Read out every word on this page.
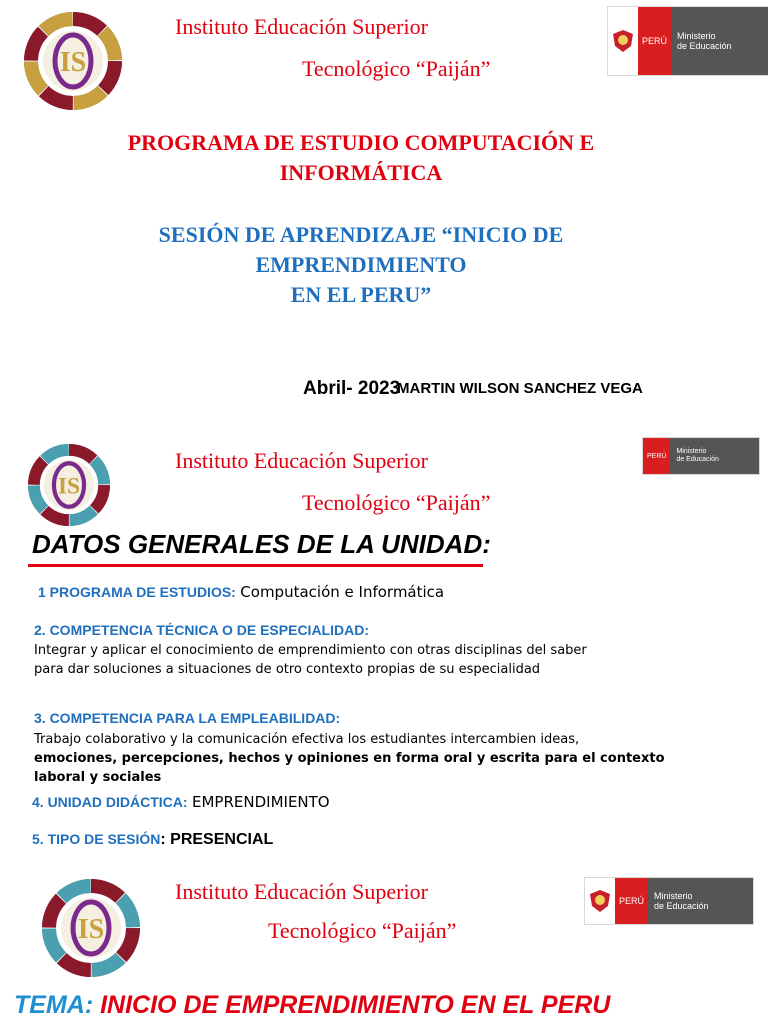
IS
Instituto Educación Superior
Tecnológico “Paiján”
PERÚ	Ministerio
de Educación
PROGRAMA DE ESTUDIO COMPUTACIÓN E
INFORMÁTICA
SESIÓN DE APRENDIZAJE “INICIO DE
EMPRENDIMIENTO
EN EL PERU”
Abril- 2023
MARTIN WILSON SANCHEZ VEGA
IS
Instituto Educación Superior
Tecnológico “Paiján”
PERÚ
Ministerio
de Educación
DATOS GENERALES DE LA UNIDAD:
1 PROGRAMA DE ESTUDIOS: Computación e Informática
2. COMPETENCIA TÉCNICA O DE ESPECIALIDAD:
Integrar y aplicar el conocimiento de emprendimiento con otras disciplinas del saber
para dar soluciones a situaciones de otro contexto propias de su especialidad
3. COMPETENCIA PARA LA EMPLEABILIDAD:
Trabajo colaborativo y la comunicación efectiva los estudiantes intercambien ideas,
emociones, percepciones, hechos y opiniones en forma oral y escrita para el contexto
laboral y sociales
4. UNIDAD DIDÁCTICA: EMPRENDIMIENTO
5. TIPO DE SESIÓN: PRESENCIAL
IS
Instituto Educación Superior
Tecnológico “Paiján”
PERÚ	Ministerio
de Educación
TEMA: INICIO DE EMPRENDIMIENTO EN EL PERU
